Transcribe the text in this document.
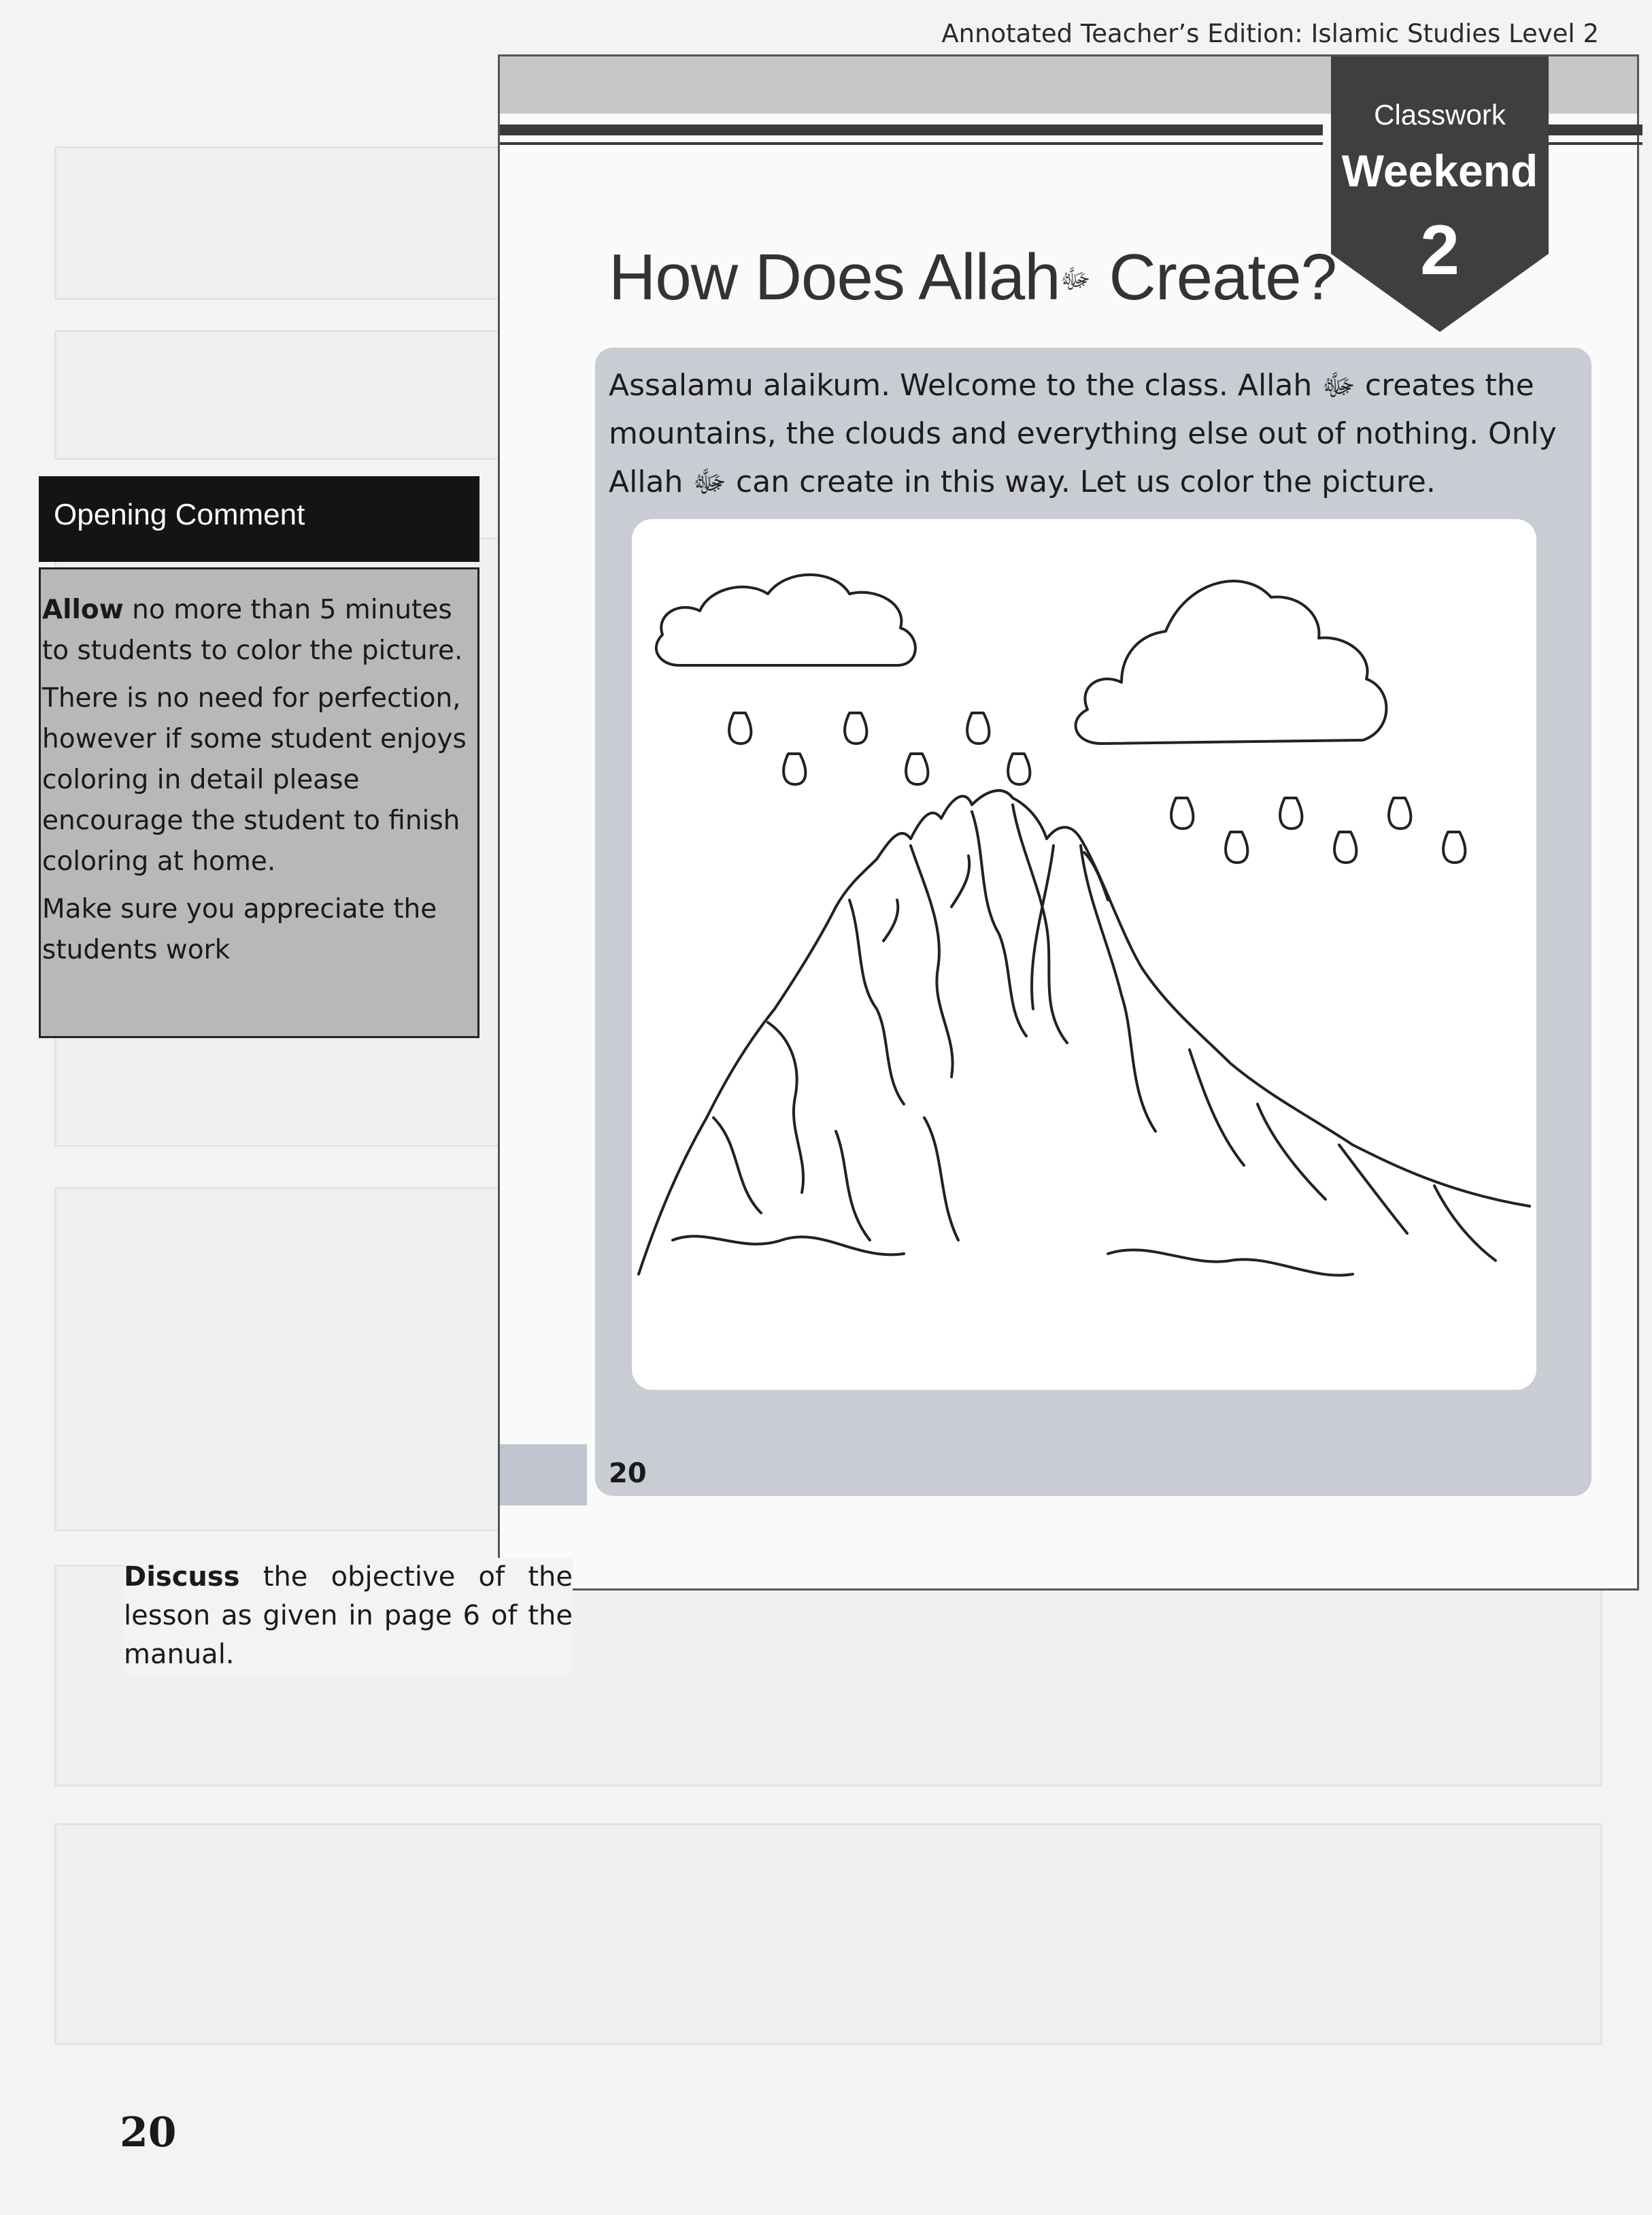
Annotated Teacher’s Edition: Islamic Studies Level 2
Classwork
Weekend
2
How Does Allahﷻ Create?
Assalamu alaikum. Welcome to the class. Allah ﷻ creates the mountains, the clouds and everything else out of nothing. Only Allah ﷻ can create in this way. Let us color the picture.
20
Opening Comment

Allow no more than 5 minutes to students to color the picture.

There is no need for perfection, however if some student enjoys coloring in detail please encourage the student to finish coloring at home.

Make sure you appreciate the students work

Discuss the objective of the lesson as given in page 6 of the manual.
20
